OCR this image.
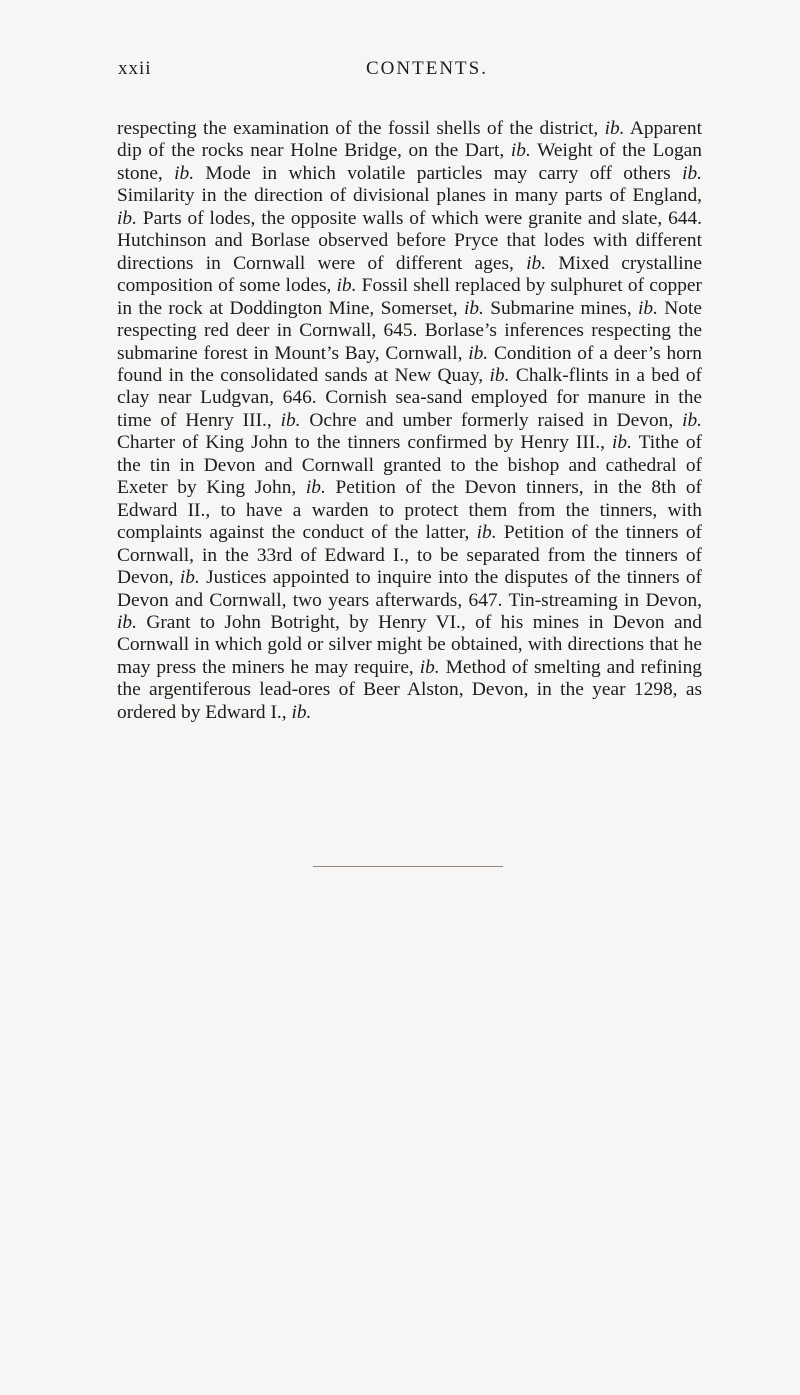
xxii	CONTENTS.
respecting the examination of the fossil shells of the district, ib. Apparent dip of the rocks near Holne Bridge, on the Dart, ib. Weight of the Logan stone, ib. Mode in which volatile particles may carry off others ib. Similarity in the direction of divisional planes in many parts of England, ib. Parts of lodes, the opposite walls of which were granite and slate, 644. Hutchinson and Borlase observed before Pryce that lodes with different directions in Cornwall were of different ages, ib. Mixed crystalline composition of some lodes, ib. Fossil shell replaced by sulphuret of copper in the rock at Doddington Mine, Somerset, ib. Submarine mines, ib. Note respecting red deer in Cornwall, 645. Borlase’s inferences respecting the submarine forest in Mount’s Bay, Cornwall, ib. Condition of a deer’s horn found in the consolidated sands at New Quay, ib. Chalk-flints in a bed of clay near Ludgvan, 646. Cornish sea-sand employed for manure in the time of Henry III., ib. Ochre and umber formerly raised in Devon, ib. Charter of King John to the tinners confirmed by Henry III., ib. Tithe of the tin in Devon and Cornwall granted to the bishop and cathedral of Exeter by King John, ib. Petition of the Devon tinners, in the 8th of Edward II., to have a warden to protect them from the tinners, with complaints against the conduct of the latter, ib. Petition of the tinners of Cornwall, in the 33rd of Edward I., to be separated from the tinners of Devon, ib. Justices appointed to inquire into the disputes of the tinners of Devon and Cornwall, two years afterwards, 647. Tin-streaming in Devon, ib. Grant to John Botright, by Henry VI., of his mines in Devon and Cornwall in which gold or silver might be obtained, with directions that he may press the miners he may require, ib. Method of smelting and refining the argentiferous lead-ores of Beer Alston, Devon, in the year 1298, as ordered by Edward I., ib.
